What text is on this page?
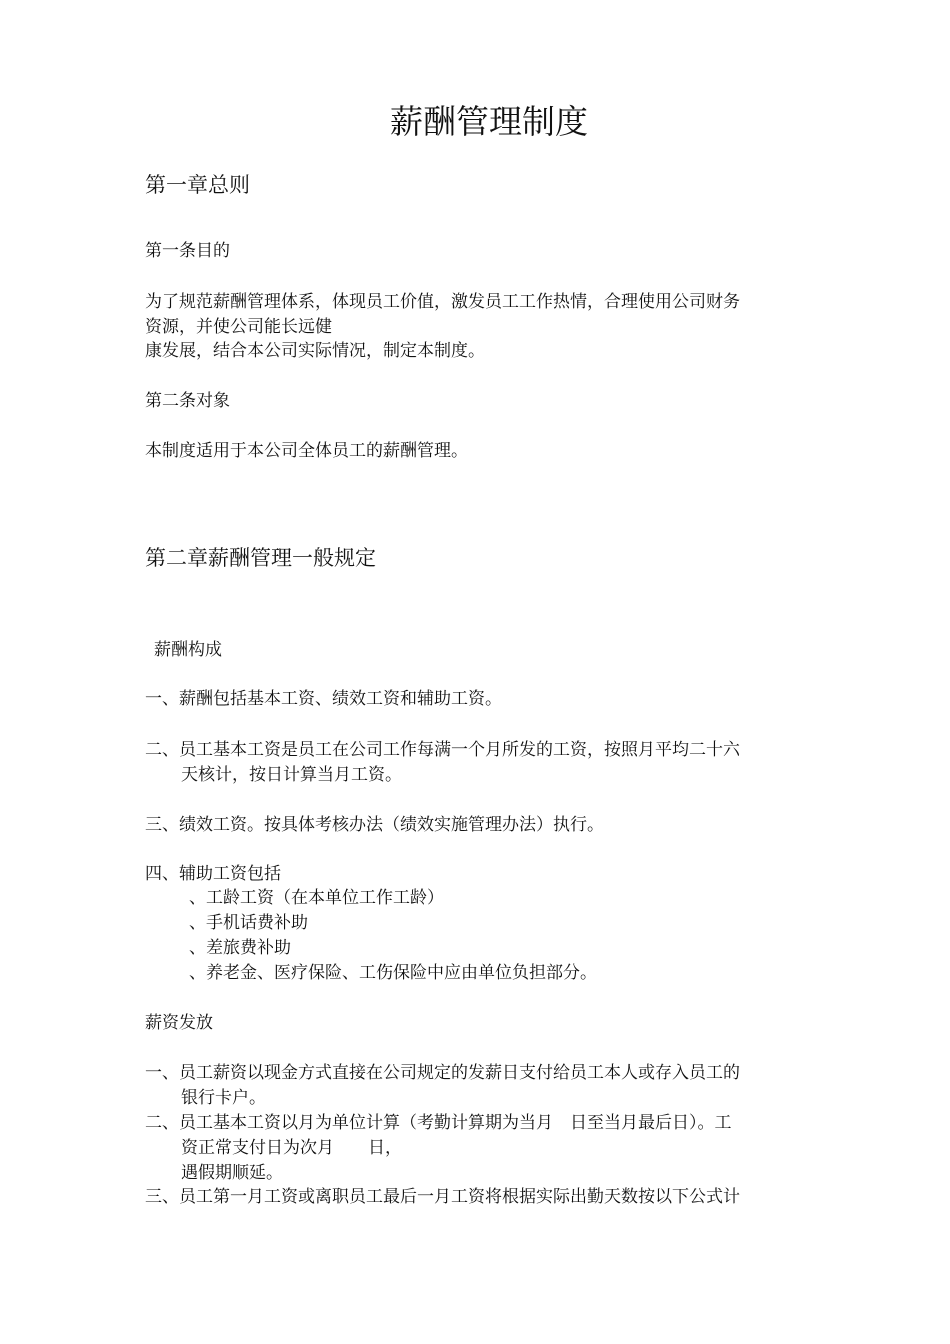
薪酬管理制度
第一章总则
第一条目的
为了规范薪酬管理体系，体现员工价值，激发员工工作热情，合理使用公司财务
资源，并使公司能长远健
康发展，结合本公司实际情况，制定本制度。
第二条对象
本制度适用于本公司全体员工的薪酬管理。
第二章薪酬管理一般规定
薪酬构成
一、薪酬包括基本工资、绩效工资和辅助工资。
二、员工基本工资是员工在公司工作每满一个月所发的工资，按照月平均二十六
天核计，按日计算当月工资。
三、绩效工资。按具体考核办法（绩效实施管理办法）执行。
四、辅助工资包括
、工龄工资（在本单位工作工龄）
、手机话费补助
、差旅费补助
、养老金、医疗保险、工伤保险中应由单位负担部分。
薪资发放
一、员工薪资以现金方式直接在公司规定的发薪日支付给员工本人或存入员工的
银行卡户。
二、员工基本工资以月为单位计算（考勤计算期为当月　日至当月最后日）。工
资正常支付日为次月　　日，
遇假期顺延。
三、员工第一月工资或离职员工最后一月工资将根据实际出勤天数按以下公式计
